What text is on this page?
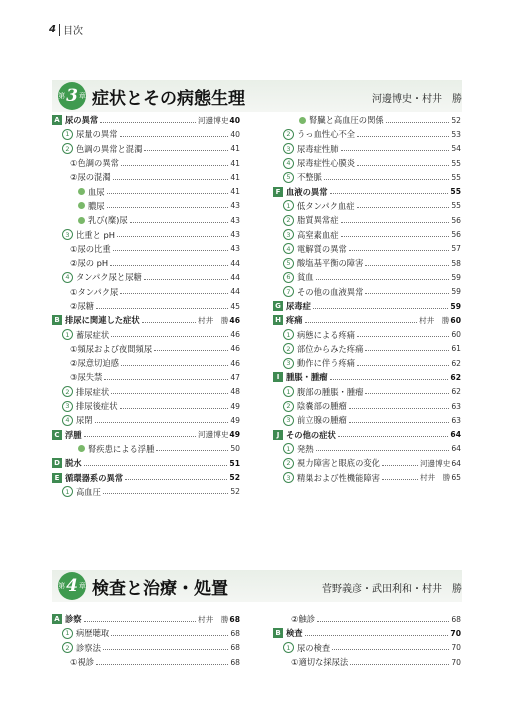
4 目次
第 3 章 症状とその病態生理	河邊博史・村井　勝
A 尿の異常	河邊博史 40
1 尿量の異常	40
2 色調の異常と混濁	41
①色調の異常	41
②尿の混濁	41
血尿	41
膿尿	43
乳び(糜)尿	43
3 比重と pH	43
①尿の比重	43
②尿の pH	44
4 タンパク尿と尿糖	44
①タンパク尿	44
②尿糖	45
B 排尿に関連した症状	村井　勝 46
1 蓄尿症状	46
①頻尿および夜間頻尿	46
②尿意切迫感	46
③尿失禁	47
2 排尿症状	48
3 排尿後症状	49
4 尿閉	49
C 浮腫	河邊博史 49
腎疾患による浮腫	50
D 脱水	51
E 循環器系の異常	52
1 高血圧	52
腎臓と高血圧の関係	52
2 うっ血性心不全	53
3 尿毒症性肺	54
4 尿毒症性心膜炎	55
5 不整脈	55
F 血液の異常	55
1 低タンパク血症	55
2 脂質異常症	56
3 高窒素血症	56
4 電解質の異常	57
5 酸塩基平衡の障害	58
6 貧血	59
7 その他の血液異常	59
G 尿毒症	59
H 疼痛	村井　勝 60
1 病態による疼痛	60
2 部位からみた疼痛	61
3 動作に伴う疼痛	62
I 腫脹・腫瘤	62
1 腹部の腫脹・腫瘤	62
2 陰嚢部の腫瘤	63
3 前立腺の腫瘤	63
J その他の症状	64
1 発熱	64
2 視力障害と眼底の変化	河邊博史 64
3 精巣および性機能障害	村井　勝 65
第 4 章 検査と治療・処置	菅野義彦・武田利和・村井　勝
A 診察	村井　勝 68
1 病歴聴取	68
2 診察法	68
①視診	68
②触診	68
B 検査	70
1 尿の検査	70
①適切な採尿法	70
